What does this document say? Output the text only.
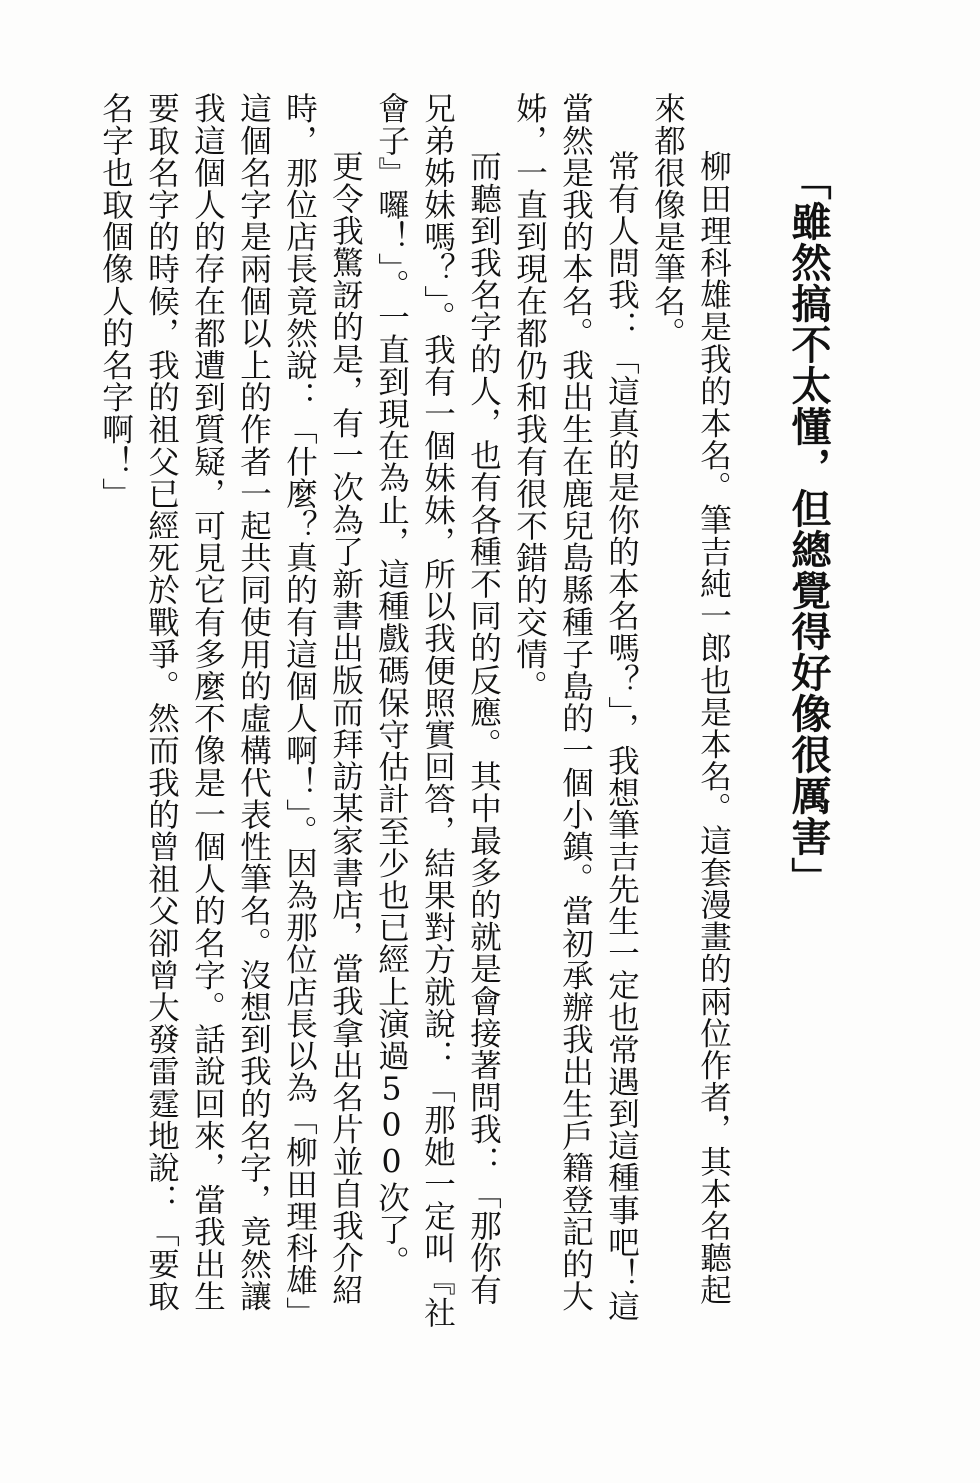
「雖然搞不太懂，但總覺得好像很厲害」
柳田理科雄是我的本名。筆吉純一郎也是本名。這套漫畫的兩位作者，其本名聽起
來都很像是筆名。
常有人問我：「這真的是你的本名嗎？」，我想筆吉先生一定也常遇到這種事吧！這
當然是我的本名。我出生在鹿兒島縣種子島的一個小鎮。當初承辦我出生戶籍登記的大
姊，一直到現在都仍和我有很不錯的交情。
而聽到我名字的人，也有各種不同的反應。其中最多的就是會接著問我：「那你有
兄弟姊妹嗎？」。我有一個妹妹，所以我便照實回答，結果對方就說：「那她一定叫『社
會子』囉！」。一直到現在為止，這種戲碼保守估計至少也已經上演過500次了。
更令我驚訝的是，有一次為了新書出版而拜訪某家書店，當我拿出名片並自我介紹
時，那位店長竟然說：「什麼？真的有這個人啊！」。因為那位店長以為「柳田理科雄」
這個名字是兩個以上的作者一起共同使用的虛構代表性筆名。沒想到我的名字，竟然讓
我這個人的存在都遭到質疑，可見它有多麼不像是一個人的名字。話說回來，當我出生
要取名字的時候，我的祖父已經死於戰爭。然而我的曾祖父卻曾大發雷霆地說：「要取
名字也取個像人的名字啊！」
